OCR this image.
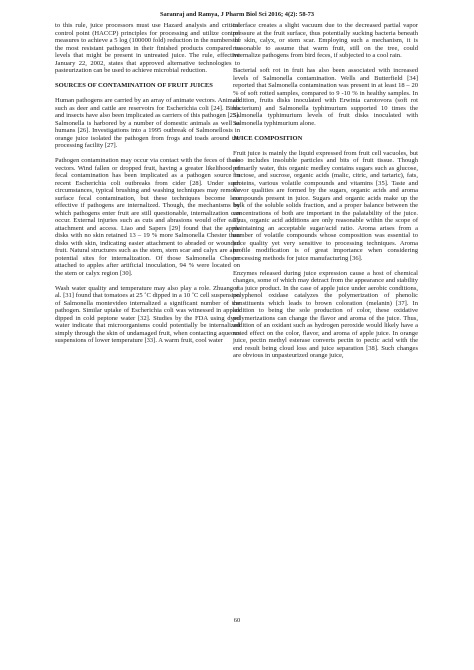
Saranraj and Ramya, J Pharm Biol Sci 2016; 4(2): 58-73

to this rule, juice processors must use Hazard analysis and critical control point (HACCP) principles for processing and utilize control measures to achieve a 5 log (100000 fold) reduction in the numbers of the most resistant pathogen in their finished products compared to levels that might be present in untreated juice. The rule, effective January 22, 2002, states that approved alternative technologies to pasteurization can be used to achieve microbial reduction.

SOURCES OF CONTAMINATION OF FRUIT JUICES

Human pathogens are carried by an array of animate vectors. Animals such as deer and cattle are reservoirs for Escherichia coli [24]. Birds and insects have also been implicated as carriers of this pathogen [25]. Salmonella is harbored by a number of domestic animals as well as humans [26]. Investigations into a 1995 outbreak of Salmonellosis in orange juice isolated the pathogen from frogs and toads around the processing facility [27].

Pathogen contamination may occur via contact with the feces of these vectors. Wind fallen or dropped fruit, having a greater likelihood of fecal contamination has been implicated as a pathogen source in recent Escherichia coli outbreaks from cider [28]. Under such circumstances, typical brushing and washing techniques may remove surface fecal contamination, but these techniques become less effective if pathogens are internalized. Though, the mechanisms by which pathogens enter fruit are still questionable, internalization can occur. External injuries such as cuts and abrasions would offer easy attachment and access. Liao and Sapers [29] found that the apple disks with no skin retained 13 – 19 % more Salmonella Chester than disks with skin, indicating easier attachment to abraded or wounded fruit. Natural structures such as the stem, stem scar and calyx are also potential sites for internalization. Of those Salmonella Chester attached to apples after artificial inoculation, 94 % were located on the stem or calyx region [30].

Wash water quality and temperature may also play a role. Zhuang et al. [31] found that tomatoes at 25 ˚C dipped in a 10 ˚C cell suspension of Salmonella montevideo internalized a significant number of the pathogen. Similar uptake of Escherichia coli was witnessed in apples dipped in cold peptone water [32]. Studies by the FDA using dyed water indicate that microorganisms could potentially be internalized simply through the skin of undamaged fruit, when contacting aqueous suspensions of lower temperature [33]. A warm fruit, cool water

interface creates a slight vacuum due to the decreased partial vapor pressure at the fruit surface, thus potentially sucking bacteria beneath the skin, calyx, or stem scar. Employing such a mechanism, it is reasonable to assume that warm fruit, still on the tree, could internalize pathogens from bird feces, if subjected to a cool rain.

Bacterial soft rot in fruit has also been associated with increased levels of Salmonella contamination. Wells and Butterfield [34] reported that Salmonella contamination was present in at least 18 – 20 % of soft rotted samples, compared to 9 -10 % in healthy samples. In addition, fruits disks inoculated with Erwinia carotovora (soft rot bacterium) and Salmonella typhimurium supported 10 times the Salmonella typhimurium levels of fruit disks inoculated with Salmonella typhimurium alone.

JUICE COMPOSITION

Fruit juice is mainly the liquid expressed from fruit cell vacuoles, but also includes insoluble particles and bits of fruit tissue. Though primarily water, this organic medley contains sugars such as glucose, fructose, and sucrose, organic acids (malic, citric, and tartaric), fats, proteins, various volatile compounds and vitamins [35]. Taste and flavor qualities are formed by the sugars, organic acids and aroma compounds present in juice. Sugars and organic acids make up the bulk of the soluble solids fraction, and a proper balance between the concentrations of both are important in the palatability of the juice. Thus, organic acid additions are only reasonable within the scope of maintaining an acceptable sugar/acid ratio. Aroma arises from a number of volatile compounds whose composition was essential to juice quality yet very sensitive to processing techniques. Aroma profile modification is of great importance when considering processing methods for juice manufacturing [36].

Enzymes released during juice expression cause a host of chemical changes, some of which may detract from the appearance and stability of a juice product. In the case of apple juice under aerobic conditions, polyphenol oxidase catalyzes the polymerization of phenolic constituents which leads to brown coloration (melanin) [37]. In addition to being the sole production of color, these oxidative polymerizations can change the flavor and aroma of the juice. Thus, addition of an oxidant such as hydrogen peroxide would likely have a noted effect on the color, flavor, and aroma of apple juice. In orange juice, pectin methyl esterase converts pectin to pectic acid with the end result being cloud loss and juice separation [38]. Such changes are obvious in unpasteurized orange juice,

60
